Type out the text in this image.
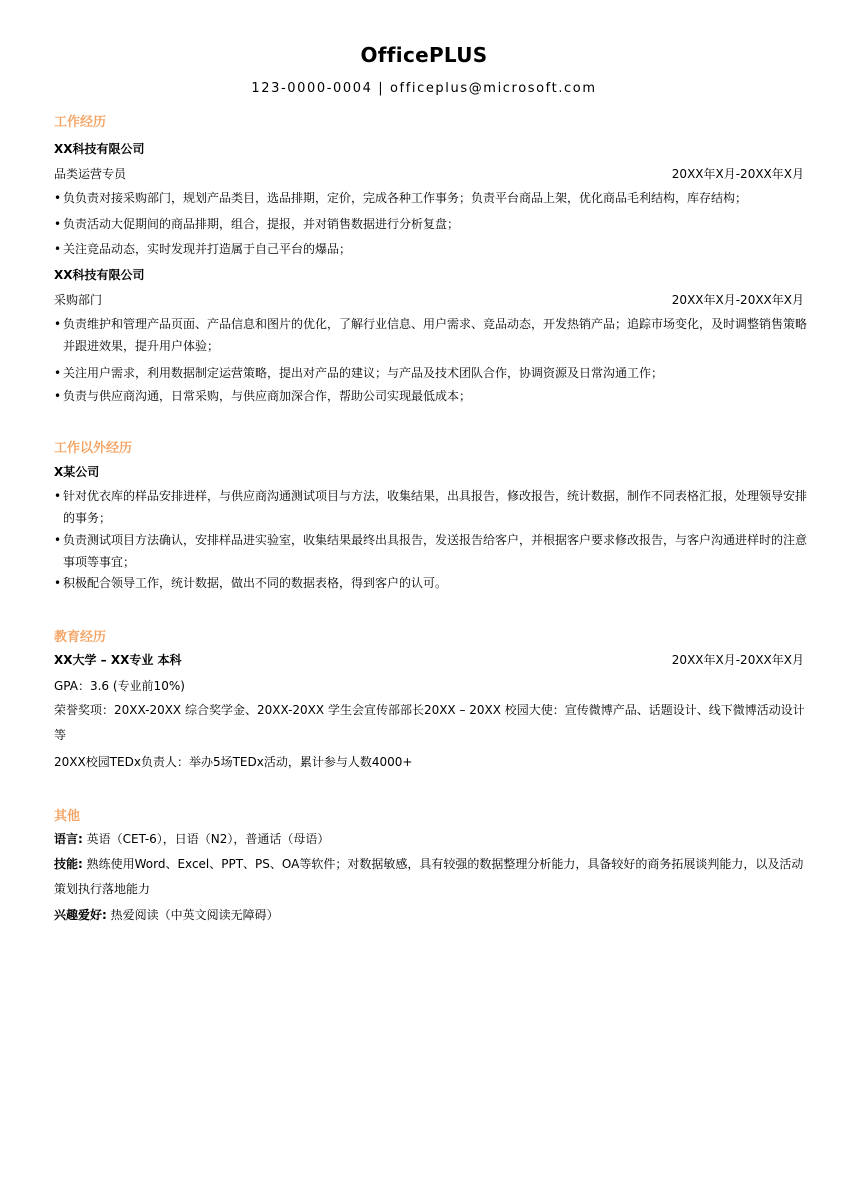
OfficePLUS
123-0000-0004 | officeplus@microsoft.com
工作经历
XX科技有限公司
品类运营专员	20XX年X月-20XX年X月
• 负负责对接采购部门，规划产品类目，选品排期，定价，完成各种工作事务；负责平台商品上架，优化商品毛利结构，库存结构；
• 负责活动大促期间的商品排期，组合，提报，并对销售数据进行分析复盘；
• 关注竞品动态，实时发现并打造属于自己平台的爆品；
XX科技有限公司
采购部门	20XX年X月-20XX年X月
• 负责维护和管理产品页面、产品信息和图片的优化，了解行业信息、用户需求、竞品动态，开发热销产品；追踪市场变化，及时调整销售策略并跟进效果，提升用户体验；
• 关注用户需求，利用数据制定运营策略，提出对产品的建议；与产品及技术团队合作，协调资源及日常沟通工作；
• 负责与供应商沟通，日常采购，与供应商加深合作，帮助公司实现最低成本；
工作以外经历
X某公司
• 针对优衣库的样品安排进样，与供应商沟通测试项目与方法，收集结果，出具报告，修改报告，统计数据，制作不同表格汇报，处理领导安排的事务；
• 负责测试项目方法确认，安排样品进实验室，收集结果最终出具报告，发送报告给客户，并根据客户要求修改报告，与客户沟通进样时的注意事项等事宜；
• 积极配合领导工作，统计数据，做出不同的数据表格，得到客户的认可。
教育经历
XX大学 – XX专业 本科	20XX年X月-20XX年X月
GPA：3.6 (专业前10%)
荣誉奖项：20XX-20XX 综合奖学金、20XX-20XX 学生会宣传部部长20XX – 20XX 校园大使：宣传微博产品、话题设计、线下微博活动设计等
20XX校园TEDx负责人：举办5场TEDx活动，累计参与人数4000+
其他
语言: 英语（CET-6），日语（N2），普通话（母语）
技能: 熟练使用Word、Excel、PPT、PS、OA等软件；对数据敏感，具有较强的数据整理分析能力，具备较好的商务拓展谈判能力，以及活动策划执行落地能力
兴趣爱好: 热爱阅读（中英文阅读无障碍）
